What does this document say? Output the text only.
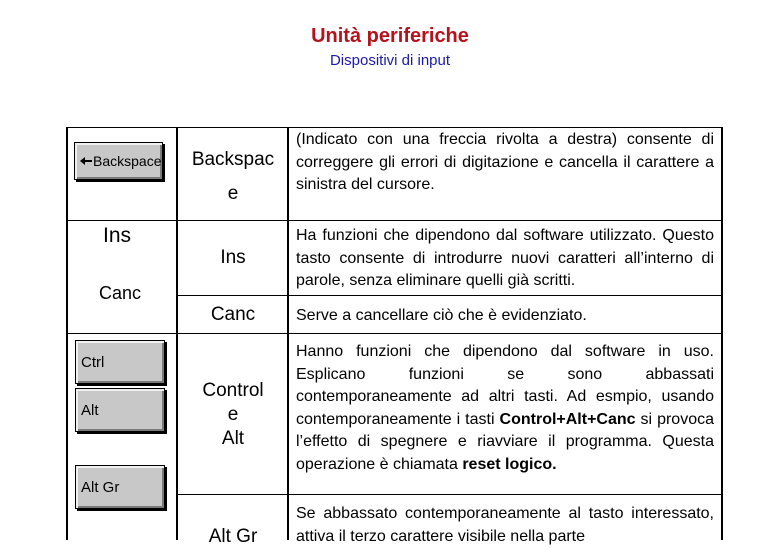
Unità periferiche
Dispositivi di input
Backspace
Ins
Canc
Ctrl
Alt
Alt Gr
Backspac
e
Ins
Canc
Control
e
Alt
Alt Gr
(Indicato con una freccia rivolta a destra) consente di correggere gli errori di digitazione e cancella il carattere a sinistra del cursore.
Ha funzioni che dipendono dal software utilizzato. Questo tasto consente di introdurre nuovi caratteri all’interno di parole, senza eliminare quelli già scritti.
Serve a cancellare ciò che è evidenziato.
Hanno funzioni che dipendono dal software in uso. Esplicano funzioni se sono abbassati contemporaneamente ad altri tasti. Ad esmpio, usando contemporaneamente i tasti Control+Alt+Canc si provoca l’effetto di spegnere e riavviare il programma. Questa operazione è chiamata reset logico.
Se abbassato contemporaneamente al tasto interessato, attiva il terzo carattere visibile nella parte
